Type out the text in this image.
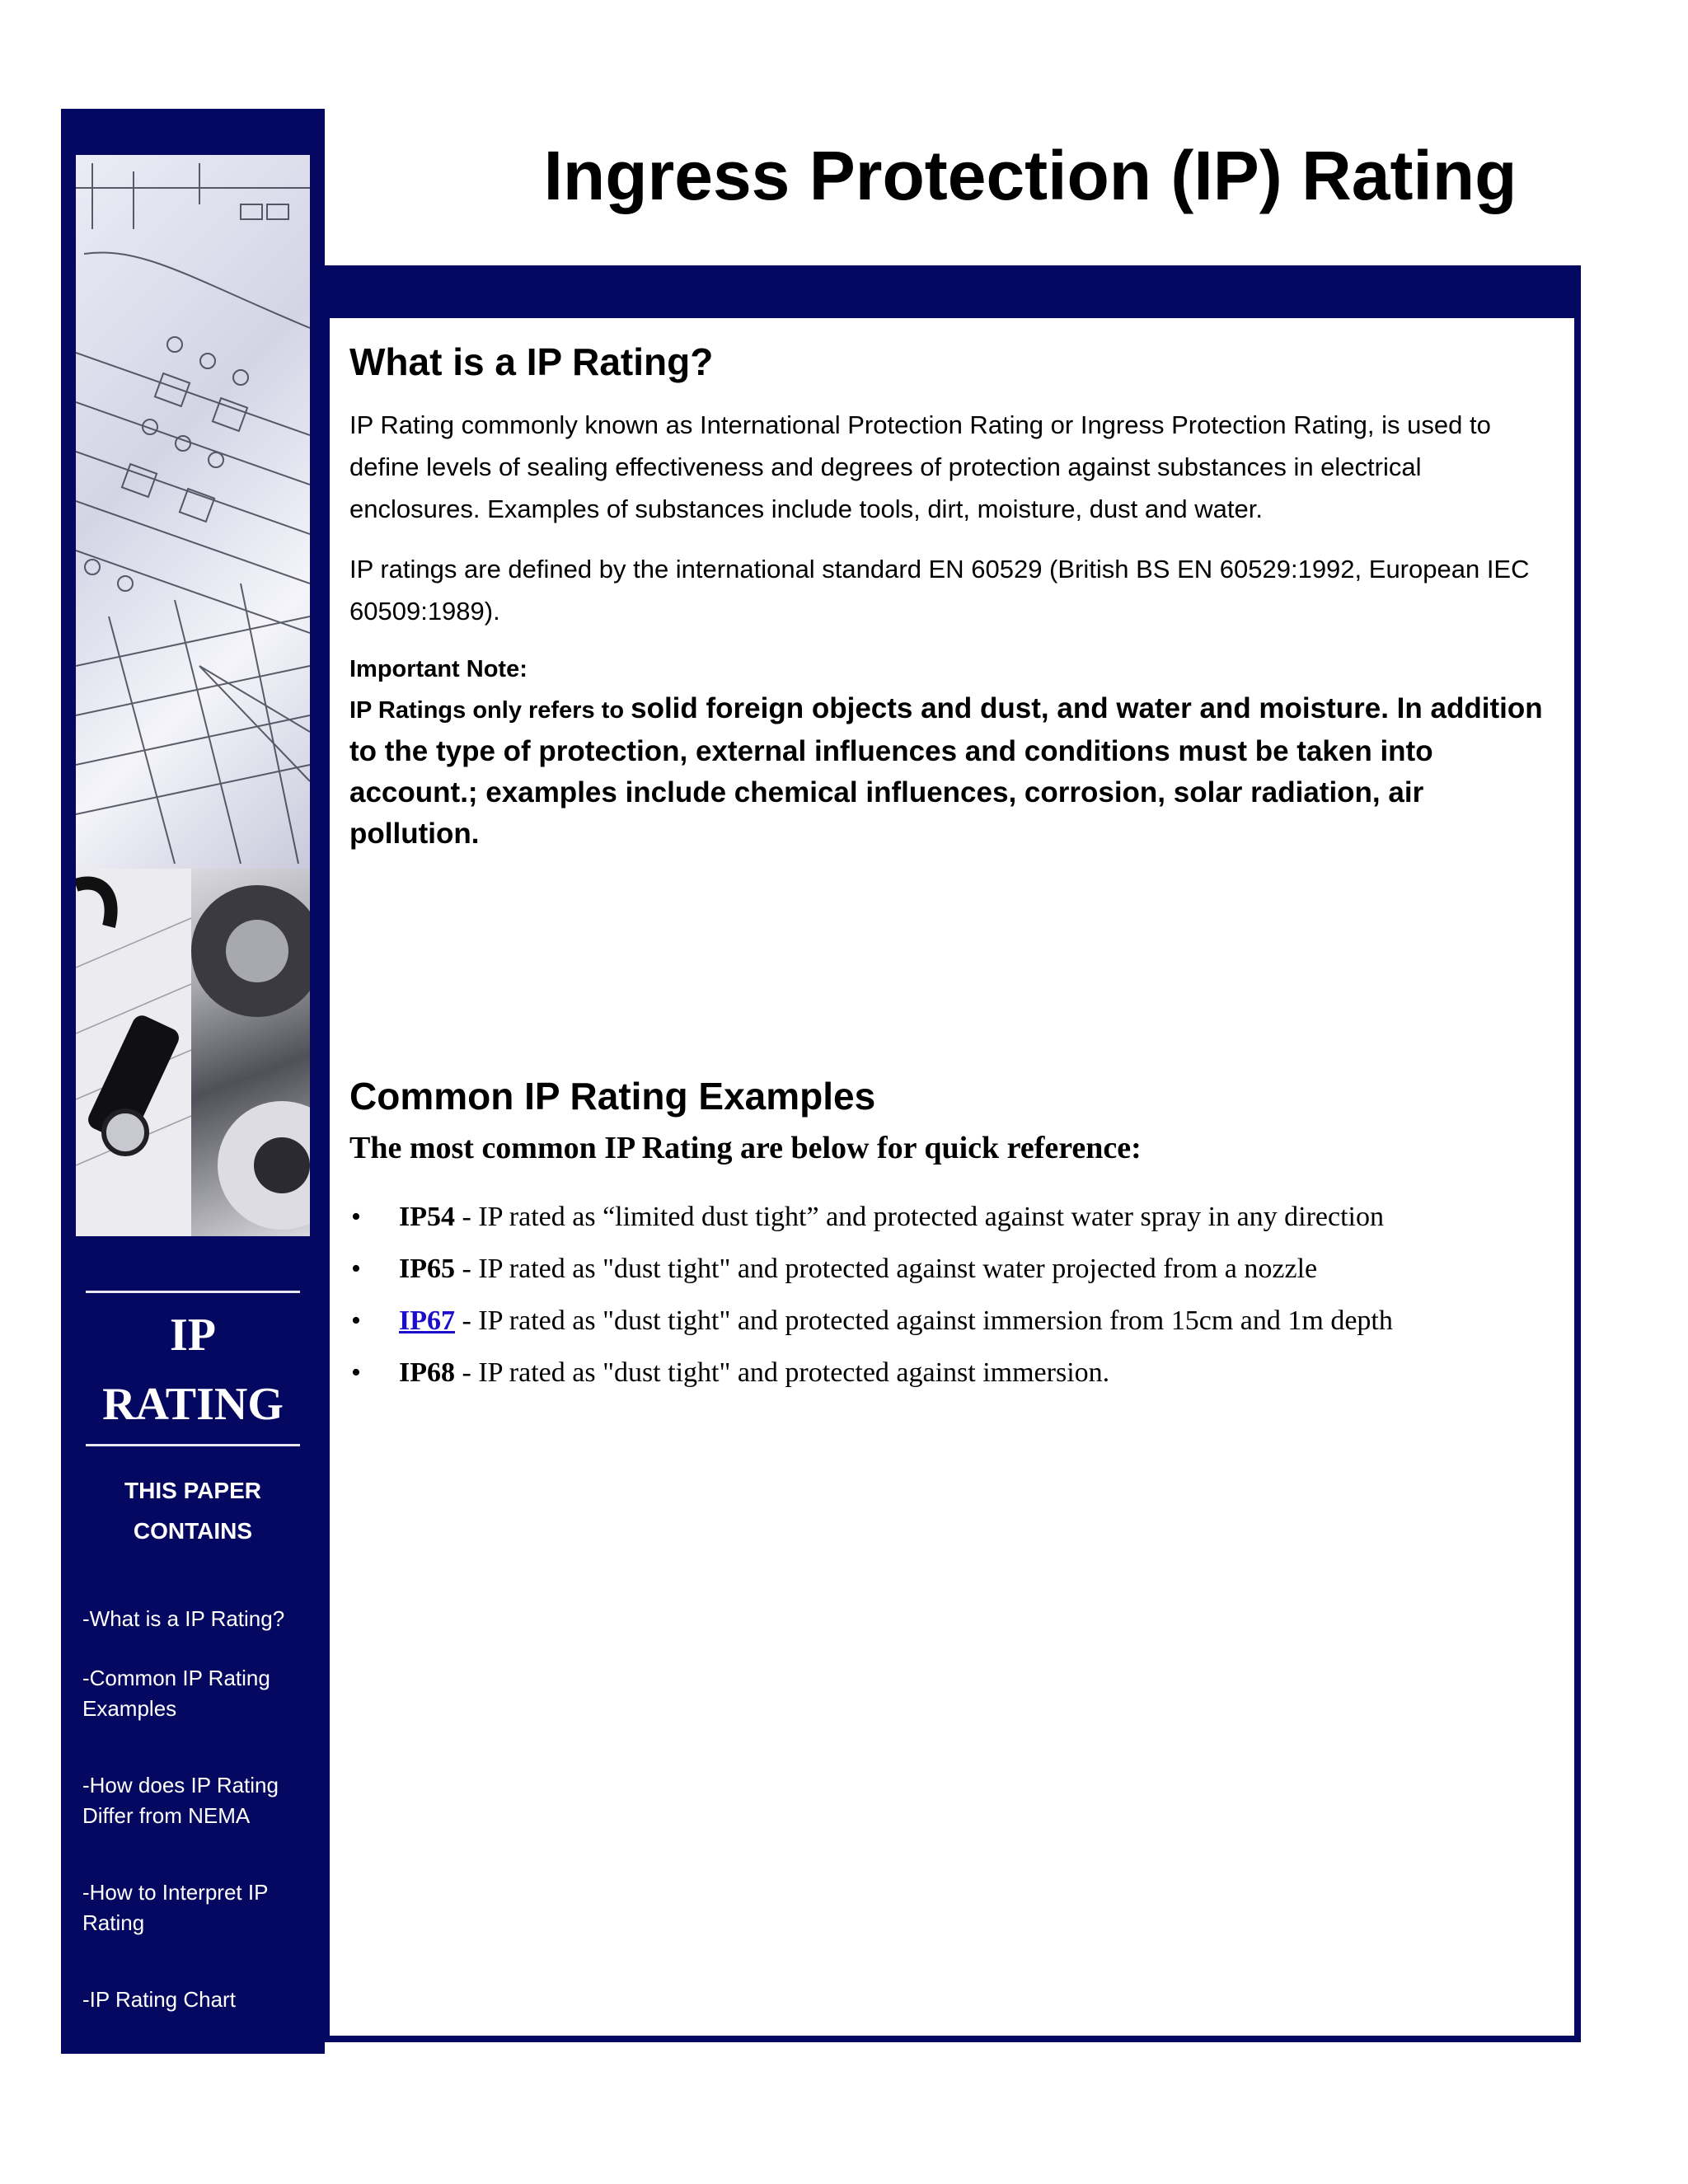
IP
RATING
THIS PAPER
CONTAINS
-What is a IP Rating?
-Common IP Rating Examples
-How does IP Rating Differ from NEMA
-How to Interpret IP Rating
-IP Rating Chart
Ingress Protection (IP) Rating
What is a IP Rating?

IP Rating commonly known as International Protection Rating or Ingress Protection Rating, is used to define levels of sealing effectiveness and degrees of protection against substances in electrical enclosures. Examples of substances include tools, dirt, moisture, dust and water.

IP ratings are defined by the international standard EN 60529 (British BS EN 60529:1992, European IEC 60509:1989).

Important Note:

IP Ratings only refers to solid foreign objects and dust, and water and moisture. In addition to the type of protection, external influences and conditions must be taken into account.; examples include chemical influences, corrosion, solar radiation, air pollution.

Common IP Rating Examples

The most common IP Rating are below for quick reference:

• IP54 - IP rated as “limited dust tight” and protected against water spray in any direction
• IP65 - IP rated as "dust tight" and protected against water projected from a nozzle
• IP67 - IP rated as "dust tight" and protected against immersion from 15cm and 1m depth
• IP68 - IP rated as "dust tight" and protected against immersion.
